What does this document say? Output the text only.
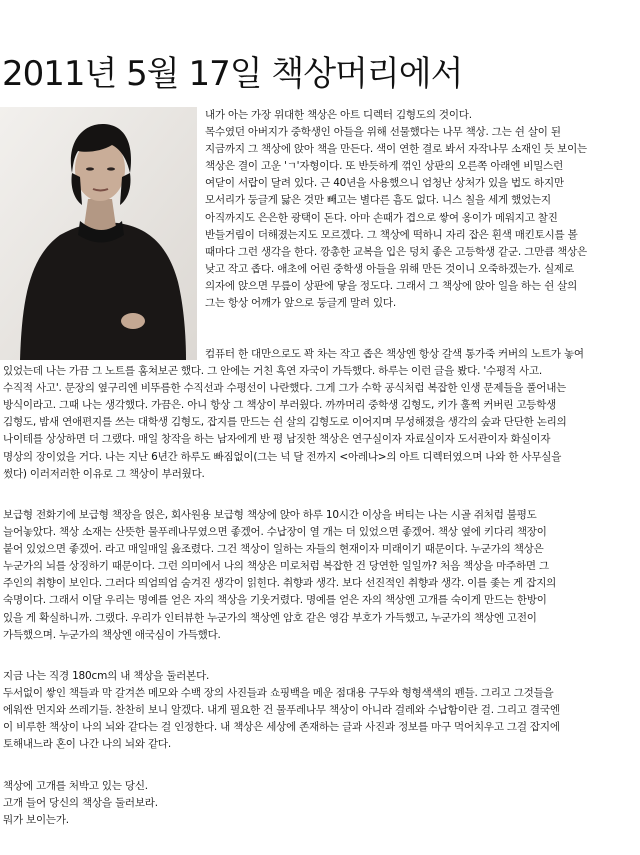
2011년 5월 17일 책상머리에서

내가 아는 가장 위대한 책상은 아트 디렉터 김형도의 것이다.

목수였던 아버지가 중학생인 아들을 위해 선물했다는 나무 책상. 그는 쉰 살이 된

지금까지 그 책상에 앉아 책을 만든다. 색이 연한 결로 봐서 자작나무 소재인 듯 보이는

책상은 결이 고운 'ㄱ'자형이다. 또 반듯하게 꺾인 상판의 오른쪽 아래엔 비밀스런

여닫이 서랍이 달려 있다. 근 40년을 사용했으니 엄청난 상처가 있을 법도 하지만

모서리가 둥글게 닳은 것만 빼고는 별다른 흠도 없다. 니스 칠을 세게 했었는지

아직까지도 은은한 광택이 돈다. 아마 손때가 겹으로 쌓여 옹이가 메워지고 찰진

반들거림이 더해졌는지도 모르겠다. 그 책상에 떡하니 자리 잡은 흰색 매킨토시를 볼

때마다 그런 생각을 한다. 깡총한 교복을 입은 덩치 좋은 고등학생 같군. 그만큼 책상은

낮고 작고 좁다. 애초에 어린 중학생 아들을 위해 만든 것이니 오죽하겠는가. 실제로

의자에 앉으면 무릎이 상판에 닿을 정도다. 그래서 그 책상에 앉아 일을 하는 쉰 살의

그는 항상 어깨가 앞으로 둥글게 말려 있다.

컴퓨터 한 대만으로도 꽉 차는 작고 좁은 책상엔 항상 갈색 통가죽 커버의 노트가 놓여

있었는데 나는 가끔 그 노트를 훔쳐보곤 했다. 그 안에는 거친 흑연 자국이 가득했다. 하루는 이런 글을 봤다. '수평적 사고.

수직적 사고'. 문장의 옆구리엔 비뚜름한 수직선과 수평선이 나란했다. 그게 그가 수학 공식처럼 복잡한 인생 문제들을 풀어내는

방식이라고. 그때 나는 생각했다. 가끔은. 아니 항상 그 책상이 부러웠다. 까까머리 중학생 김형도, 키가 훌쩍 커버린 고등학생

김형도, 밤새 연애편지를 쓰는 대학생 김형도, 잡지를 만드는 쉰 살의 김형도로 이어지며 무성해졌을 생각의 숲과 단단한 논리의

나이테를 상상하면 더 그랬다. 매일 창작을 하는 남자에게 반 평 남짓한 책상은 연구실이자 자료실이자 도서관이자 화실이자

명상의 장이었을 거다. 나는 지난 6년간 하루도 빠짐없이(그는 넉 달 전까지 <아레나>의 아트 디렉터였으며 나와 한 사무실을

썼다) 이러저러한 이유로 그 책상이 부러웠다.

보급형 전화기에 보급형 책장을 얹은, 회사원용 보급형 책상에 앉아 하루 10시간 이상을 버티는 나는 시골 쥐처럼 불평도

늘어놓았다. 책상 소재는 산뜻한 물푸레나무였으면 좋겠어. 수납장이 열 개는 더 있었으면 좋겠어. 책상 옆에 키다리 책장이

붙어 있었으면 좋겠어. 라고 매일매일 읊조렸다. 그건 책상이 일하는 자들의 현재이자 미래이기 때문이다. 누군가의 책상은

누군가의 뇌를 상징하기 때문이다. 그런 의미에서 나의 책상은 미로처럼 복잡한 건 당연한 일일까? 처음 책상을 마주하면 그

주인의 취향이 보인다. 그러다 띄엄띄엄 숨겨진 생각이 읽힌다. 취향과 생각. 보다 선진적인 취향과 생각. 이를 좇는 게 잡지의

숙명이다. 그래서 이달 우리는 명예를 얻은 자의 책상을 기웃거렸다. 명예를 얻은 자의 책상엔 고개를 숙이게 만드는 한방이

있을 게 확실하니까. 그랬다. 우리가 인터뷰한 누군가의 책상엔 암호 같은 영감 부호가 가득했고, 누군가의 책상엔 고전이

가득했으며. 누군가의 책상엔 애국심이 가득했다.

지금 나는 직경 180cm의 내 책상을 둘러본다.

두서없이 쌓인 책들과 막 갈겨쓴 메모와 수백 장의 사진들과 쇼핑백을 메운 점대용 구두와 형형색색의 펜들. 그리고 그것들을

에워싼 먼지와 쓰레기들. 찬찬히 보니 알겠다. 내게 필요한 건 물푸레나무 책상이 아니라 걸레와 수납함이란 걸. 그리고 결국엔

이 비루한 책상이 나의 뇌와 같다는 걸 인정한다. 내 책상은 세상에 존재하는 글과 사진과 정보를 마구 먹어치우고 그걸 잡지에

토해내느라 혼이 나간 나의 뇌와 같다.

책상에 고개를 처박고 있는 당신.

고개 들어 당신의 책상을 둘러보라.

뭐가 보이는가.
